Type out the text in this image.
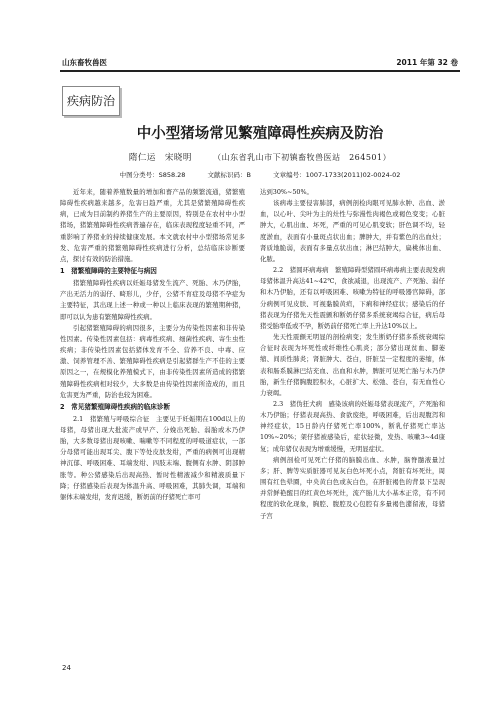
山东畜牧兽医	2011 年第 32 卷
疾病防治
中小型猪场常见繁殖障碍性疾病及防治
隋仁运　宋晓明	（山东省乳山市下初镇畜牧兽医站　264501）
中图分类号：S858.28	文献标识码：B	文章编号：1007-1733(2011)02-0024-02

近年来，随着养殖数量的增加和畜产品的频繁流通，猪繁殖障碍性疾病越来越多，危害日趋严重，尤其是猪繁殖障碍性疾病，已成为目前制约养猪生产的主要原因，特别是在农村中小型猪场，猪繁殖障碍性疾病普遍存在，临床表现程度轻重不同，严重影响了养猪业的持续健康发展。本文就农村中小型猪场常见多发、危害严重的猪繁殖障碍性疾病进行分析，总结临床诊断要点，探讨有效的防治措施。

1　猪繁殖障碍的主要特征与病因

猪繁殖障碍性疾病以妊娠母猪发生流产、死胎、木乃伊胎，产出无活力的弱仔、畸形儿，少仔，公猪不育症及母猪不孕症为主要特征，其出现上述一种或一种以上临床表现的繁殖期种猪，即可以认为患有繁殖障碍性疾病。

引起猪繁殖障碍的病因很多，主要分为传染性因素和非传染性因素。传染性因素包括：病毒性疾病、细菌性疾病、寄生虫性疾病；非传染性因素包括猪体发育不全、营养不良、中毒、应激、饲养管理不善、繁殖障碍性疾病是引起猪群生产不佳的主要原因之一，在规模化养殖模式下，由非传染性因素所造成的猪繁殖障碍性疾病相对较少，大多数是由传染性因素所造成的，而且危害更为严重，防治也较为困难。

2　常见猪繁殖障碍性疾病的临床诊断

2.1　猪繁殖与呼吸综合征　主要见于妊娠期在100d以上的母猪，母猪出现大批流产或早产、分娩出死胎、弱胎或木乃伊胎，大多数母猪出现咳嗽、喘嗽等不同程度的呼吸道症状，一部分母猪可能出现耳尖、腹下等处皮肤发绀，严重的病例可出现精神沉郁、呼吸困难、耳端发绀、四肢末端、腹侧有水肿、阴部肿胀等。种公猪感染后出现高热、暂时性精液减少和精液质量下降；仔猪感染后表现为体温升高、呼吸困难，其肺失调，耳端和躯体末端发绀，发育迟缓，断奶前的仔猪死亡率可

达到30%~50%。

该病毒主要侵害肺部，病例剖检肉眼可见肺水肿、出血、淤血，以心叶、尖叶为主的灶性与弥漫性肉褐色或褐色变变；心脏肿大，心肌出血、坏死，严重的可见心肌变软；肝色调不均，轻度淤血，表面有小量斑点状出血；脾肿大，并有紫色的出血灶；肾质地脆弱，表面有多量点状出血；淋巴结肿大，扁桃体出血、化脓。

2.2　猪圆环病毒病　繁殖障碍型猪圆环病毒病主要表现发病母猪体温升高达41~42℃，食欲减退，出现流产、产死胎、弱仔和木乃伊胎，还有以呼吸困难、咳嗽为特征的呼吸器官障碍，部分病例可见皮肤、可视黏膜黄疸，下痢和神经症状；感染后的仔猪表现为仔猪先天性震颤和断奶仔猪多系统衰竭综合征，病后母猪受胎率低或不孕，断奶前仔猪死亡率上升达10%以上。

先天性震颤无明显的剖检病变；发生断奶仔猪多系统衰竭综合征时表现为坏死性或纤维性心肌炎；部分猪出现贫血、脚萎缩、间质性肺炎；肾脏肿大、苍白，肝脏呈一定程度的萎缩，体表和肠系膜淋巴结充血、出血和水肿，脾脏可见死亡胎与木乃伊胎，新生仔猪胸腹腔积水，心脏扩大、松弛、苍白，有无血性心力衰竭。

2.3　猪伪狂犬病　感染该病的妊娠母猪表现流产，产死胎和木乃伊胎；仔猪表现高热、食欲废绝，呼吸困难，后出现腹泻和神经症状，15日龄内仔猪死亡率100%，断乳仔猪死亡率达10%~20%；架仔猪被感染后，症状轻微，发热、咳嗽3~4d康复；成年猪仅表现为增重缓慢，无明显症状。

病例剖检可见死亡仔猪的脑膜出血、水肿，脑脊髓液量过多；肝、脾等实质脏器可见灰白色坏死小点，肾脏有坏死灶，周围有红色晕圈，中央黄白色或灰白色，在肝脏褐色的背景下呈现并常鲜艳醒目的红黄色坏死灶，流产胎儿大小基本正常，有不同程度的软化现象，胸腔、腹腔及心包腔有多量褐色潴留液，母猪子宫

24
